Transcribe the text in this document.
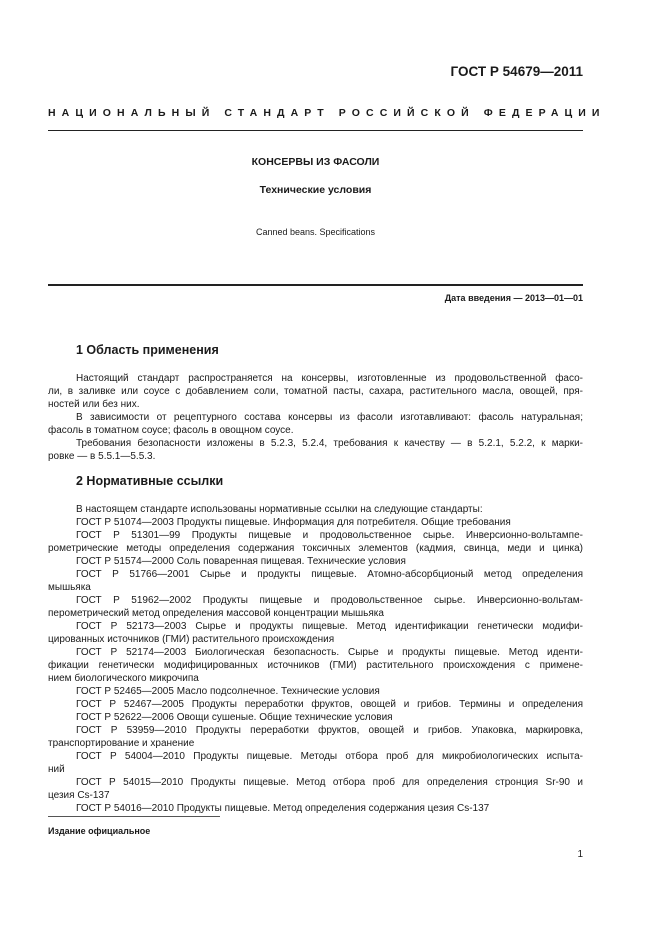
ГОСТ Р 54679—2011
НАЦИОНАЛЬНЫЙ СТАНДАРТ РОССИЙСКОЙ ФЕДЕРАЦИИ
КОНСЕРВЫ ИЗ ФАСОЛИ
Технические условия
Canned beans. Specifications
Дата введения — 2013—01—01
1 Область применения
Настоящий стандарт распространяется на консервы, изготовленные из продовольственной фасо-
ли, в заливке или соусе с добавлением соли, томатной пасты, сахара, растительного масла, овощей, пря-
ностей или без них.
В зависимости от рецептурного состава консервы из фасоли изготавливают: фасоль натуральная;
фасоль в томатном соусе; фасоль в овощном соусе.
Требования безопасности изложены в 5.2.3, 5.2.4, требования к качеству — в 5.2.1, 5.2.2, к марки-
ровке — в 5.5.1—5.5.3.
2 Нормативные ссылки
В настоящем стандарте использованы нормативные ссылки на следующие стандарты:
ГОСТ Р 51074—2003 Продукты пищевые. Информация для потребителя. Общие требования
ГОСТ Р 51301—99 Продукты пищевые и продовольственное сырье. Инверсионно-вольтампе-
рометрические методы определения содержания токсичных элементов (кадмия, свинца, меди и цинка)
ГОСТ Р 51574—2000 Соль поваренная пищевая. Технические условия
ГОСТ Р 51766—2001 Сырье и продукты пищевые. Атомно-абсорбционый метод определения
мышьяка
ГОСТ Р 51962—2002 Продукты пищевые и продовольственное сырье. Инверсионно-вольтам-
перометрический метод определения массовой концентрации мышьяка
ГОСТ Р 52173—2003 Сырье и продукты пищевые. Метод идентификации генетически модифи-
цированных источников (ГМИ) растительного происхождения
ГОСТ Р 52174—2003 Биологическая безопасность. Сырье и продукты пищевые. Метод иденти-
фикации генетически модифицированных источников (ГМИ) растительного происхождения с примене-
нием биологического микрочипа
ГОСТ Р 52465—2005 Масло подсолнечное. Технические условия
ГОСТ Р 52467—2005 Продукты переработки фруктов, овощей и грибов. Термины и определения
ГОСТ Р 52622—2006 Овощи сушеные. Общие технические условия
ГОСТ Р 53959—2010 Продукты переработки фруктов, овощей и грибов. Упаковка, маркировка,
транспортирование и хранение
ГОСТ Р 54004—2010 Продукты пищевые. Методы отбора проб для микробиологических испыта-
ний
ГОСТ Р 54015—2010 Продукты пищевые. Метод отбора проб для определения стронция Sr-90 и
цезия Cs-137
ГОСТ Р 54016—2010 Продукты пищевые. Метод определения содержания цезия Cs-137
Издание официальное
1
